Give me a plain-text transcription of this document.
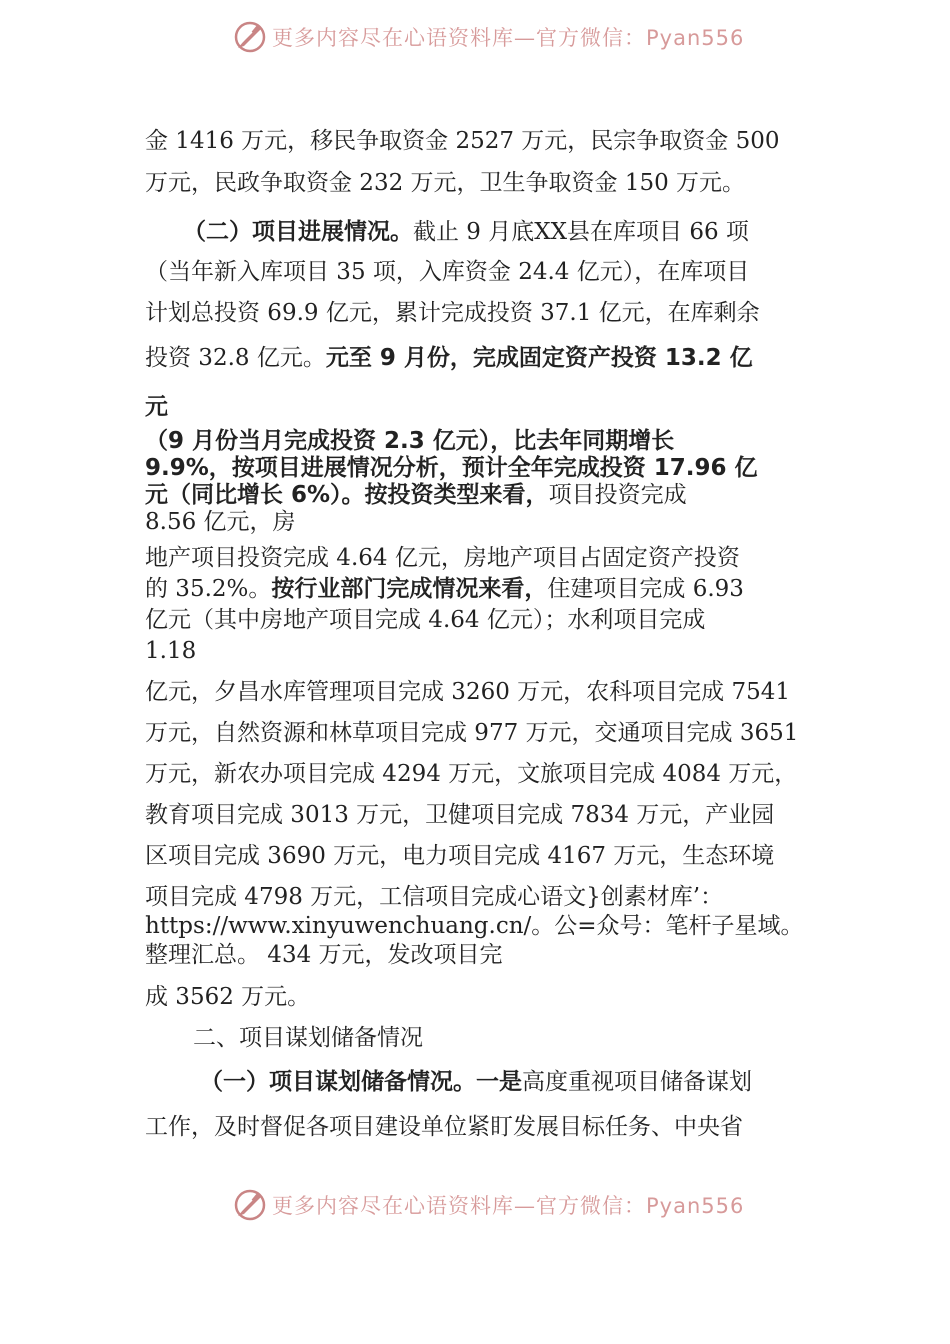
更多内容尽在心语资料库—官方微信：Pyan556
金 1416 万元，移民争取资金 2527 万元，民宗争取资金 500
万元，民政争取资金 232 万元，卫生争取资金 150 万元。
（二）项目进展情况。截止 9 月底XX县在库项目 66 项
（当年新入库项目 35 项，入库资金 24.4 亿元），在库项目
计划总投资 69.9 亿元，累计完成投资 37.1 亿元，在库剩余
投资 32.8 亿元。元至 9 月份，完成固定资产投资 13.2 亿
元
（9 月份当月完成投资 2.3 亿元），比去年同期增长
9.9%，按项目进展情况分析，预计全年完成投资 17.96 亿
元（同比增长 6%）。按投资类型来看，项目投资完成
8.56 亿元，房
地产项目投资完成 4.64 亿元，房地产项目占固定资产投资
的 35.2%。按行业部门完成情况来看，住建项目完成 6.93
亿元（其中房地产项目完成 4.64 亿元）；水利项目完成
1.18
亿元，夕昌水库管理项目完成 3260 万元，农科项目完成 7541
万元，自然资源和林草项目完成 977 万元，交通项目完成 3651
万元，新农办项目完成 4294 万元，文旅项目完成 4084 万元，
教育项目完成 3013 万元，卫健项目完成 7834 万元，产业园
区项目完成 3690 万元，电力项目完成 4167 万元，生态环境
项目完成 4798 万元，工信项目完成心语文}创素材库’：
https://www.xinyuwenchuang.cn/。公=众号：笔杆子星域。
整理汇总。 434 万元，发改项目完
成 3562 万元。
二、项目谋划储备情况
（一）项目谋划储备情况。一是高度重视项目储备谋划
工作，及时督促各项目建设单位紧盯发展目标任务、中央省
更多内容尽在心语资料库—官方微信：Pyan556
